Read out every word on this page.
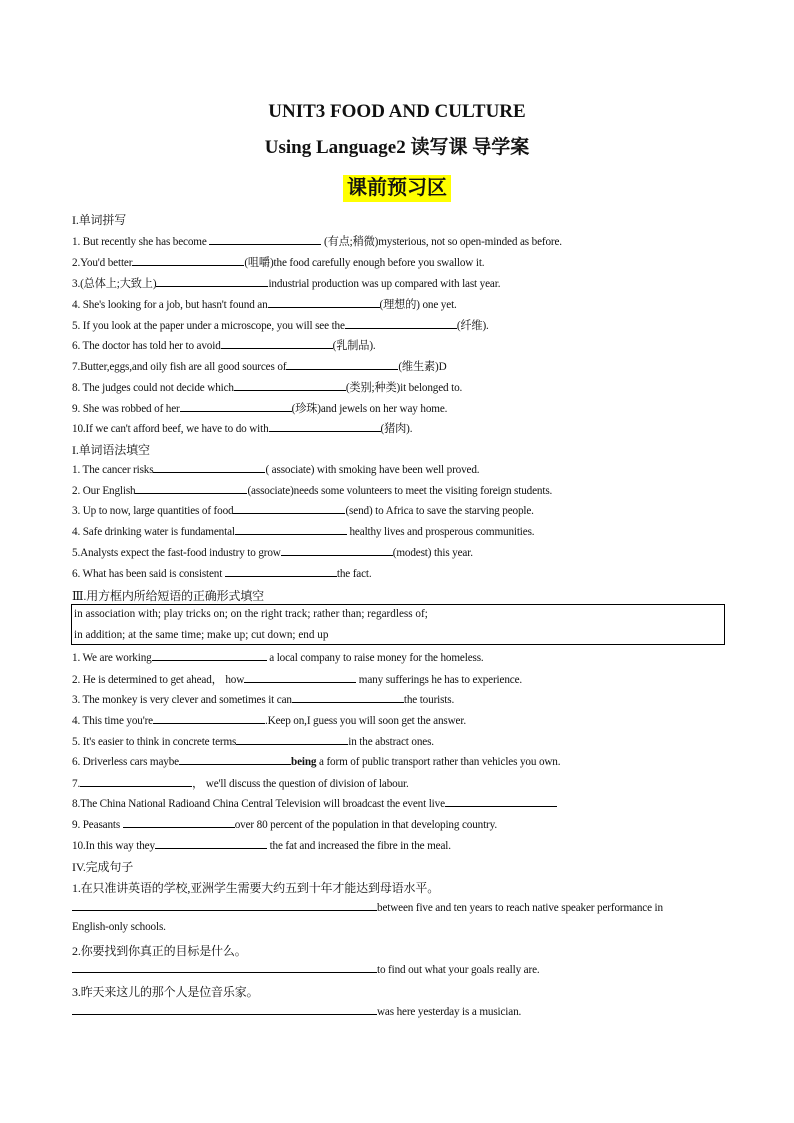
UNIT3 FOOD AND CULTURE
Using Language2 读写课 导学案
课前预习区
I.单词拼写
1. But recently she has become	(有点;稍微)mysterious, not so open-minded as before.
2.You'd better	(咀嚼)the food carefully enough before you swallow it.
3.(总体上;大致上)	industrial production was up compared with last year.
4. She's looking for a job, but hasn't found an	(理想的) one yet.
5. If you look at the paper under a microscope, you will see the	(纤维).
6. The doctor has told her to avoid	(乳制品).
7.Butter,eggs,and oily fish are all good sources of	(维生素)D
8. The judges could not decide which	(类别;种类)it belonged to.
9. She was robbed of her	(珍珠)and jewels on her way home.
10.If we can't afford beef, we have to do with	(猪肉).
I.单词语法填空
1. The cancer risks	( associate) with smoking have been well proved.
2. Our English	(associate)needs some volunteers to meet the visiting foreign students.
3. Up to now, large quantities of food	(send) to Africa to save the starving people.
4. Safe drinking water is fundamental	healthy lives and prosperous communities.
5.Analysts expect the fast-food industry to grow	(modest) this year.
6. What has been said is consistent	the fact.
Ⅲ.用方框内所给短语的正确形式填空
in association with; play tricks on; on the right track; rather than; regardless of;
in addition; at the same time; make up; cut down; end up
1. We are working	a local company to raise money for the homeless.
2. He is determined to get ahead， how	many sufferings he has to experience.
3. The monkey is very clever and sometimes it can	the tourists.
4. This time you're	.Keep on,I guess you will soon get the answer.
5. It's easier to think in concrete terms	in the abstract ones.
6. Driverless cars maybe	being a form of public transport rather than vehicles you own.
7.	， we'll discuss the question of division of labour.
8.The China National Radioand China Central Television will broadcast the event live
9. Peasants	over 80 percent of the population in that developing country.
10.In this way they	the fat and increased the fibre in the meal.
IV.完成句子
1.在只准讲英语的学校,亚洲学生需要大约五到十年才能达到母语水平。
between five and ten years to reach native speaker performance in
English-only schools.
2.你要找到你真正的目标是什么。
to find out what your goals really are.
3.昨天来这儿的那个人是位音乐家。
was here yesterday is a musician.
